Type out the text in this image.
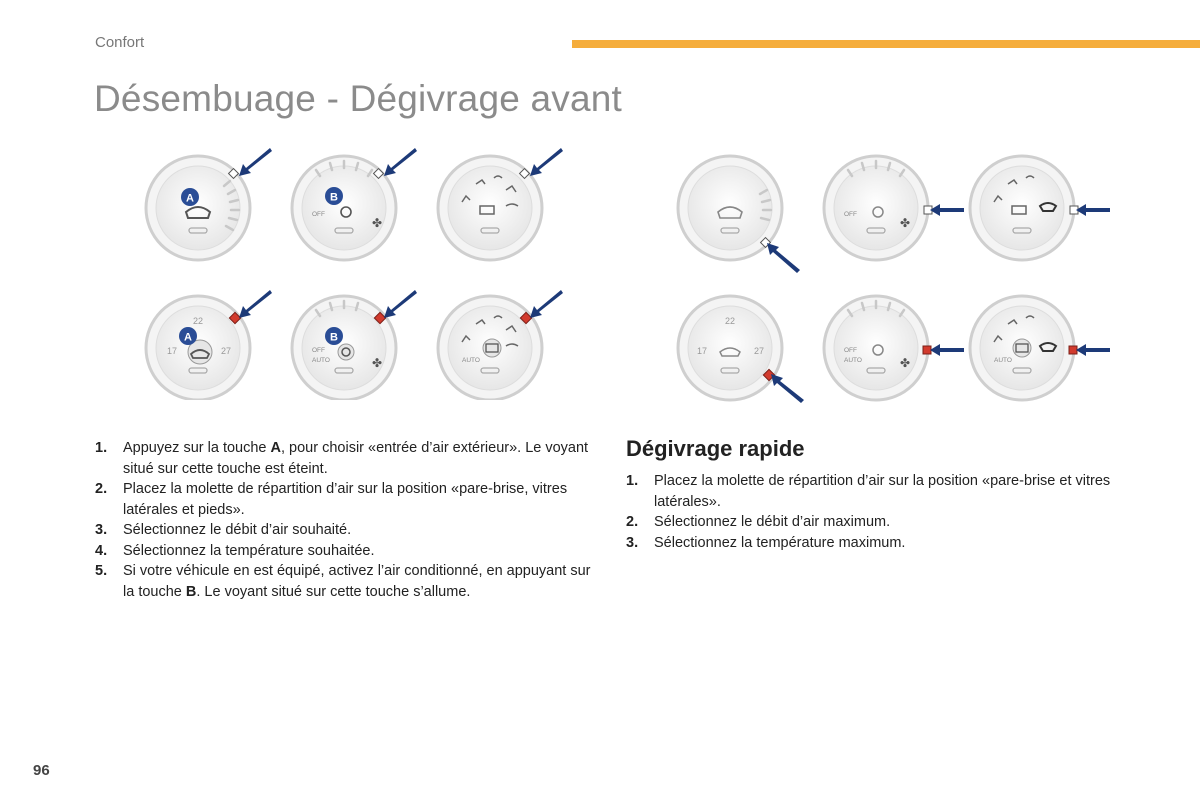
Confort
Désembuage - Dégivrage avant
A
OFF
✤
B
22
17	27
A
OFF
AUTO	✤
B
AUTO
OFF
✤
22
17	27	OFF
AUTO	✤	AUTO
1. Appuyez sur la touche A, pour choisir «entrée d’air extérieur». Le voyant situé sur cette touche est éteint.
2. Placez la molette de répartition d’air sur la position «pare-brise, vitres latérales et pieds».
3. Sélectionnez le débit d’air souhaité.
4. Sélectionnez la température souhaitée.
5. Si votre véhicule en est équipé, activez l’air conditionné, en appuyant sur la touche B. Le voyant situé sur cette touche s’allume.
Dégivrage rapide
1. Placez la molette de répartition d’air sur la position «pare-brise et vitres latérales».
2. Sélectionnez le débit d’air maximum.
3. Sélectionnez la température maximum.
96
